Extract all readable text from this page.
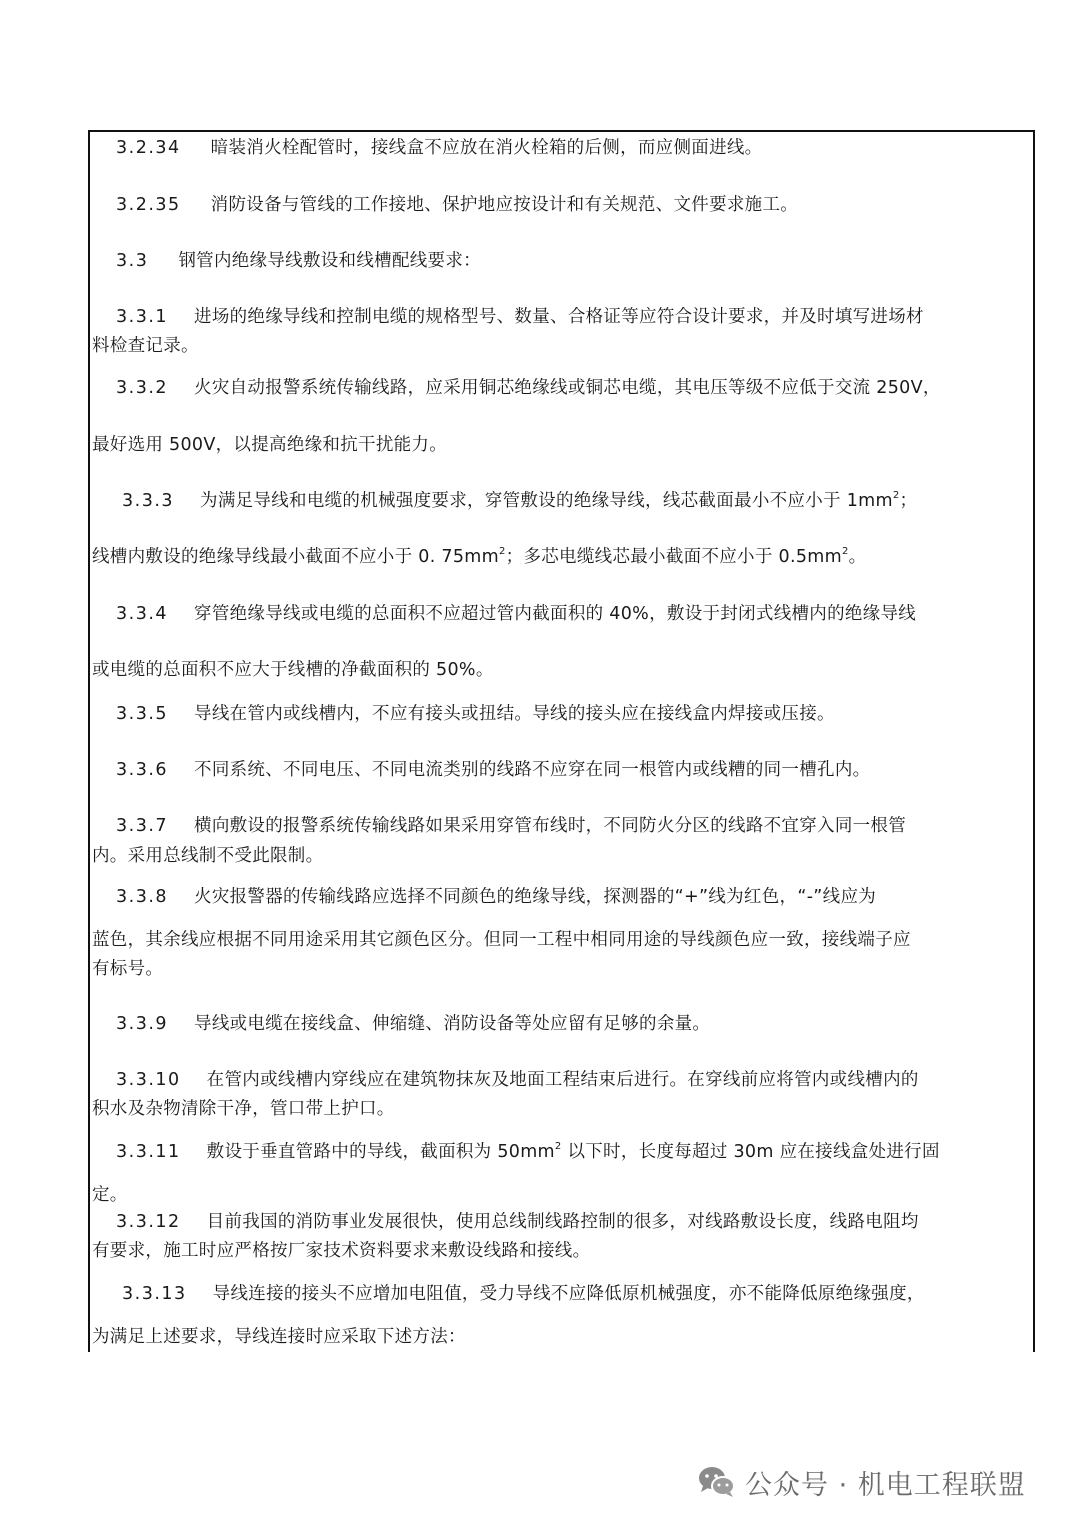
3.2.34 暗装消火栓配管时，接线盒不应放在消火栓箱的后侧，而应侧面进线。
3.2.35 消防设备与管线的工作接地、保护地应按设计和有关规范、文件要求施工。
3.3 钢管内绝缘导线敷设和线槽配线要求：
3.3.1 进场的绝缘导线和控制电缆的规格型号、数量、合格证等应符合设计要求，并及时填写进场材
料检查记录。
3.3.2 火灾自动报警系统传输线路，应采用铜芯绝缘线或铜芯电缆，其电压等级不应低于交流 250V，
最好选用 500V，以提高绝缘和抗干扰能力。
3.3.3 为满足导线和电缆的机械强度要求，穿管敷设的绝缘导线，线芯截面最小不应小于 $1mm^2$；
线槽内敷设的绝缘导线最小截面不应小于 0. $75mm^2$；多芯电缆线芯最小截面不应小于 $0.5mm^2$。
3.3.4 穿管绝缘导线或电缆的总面积不应超过管内截面积的 40%，敷设于封闭式线槽内的绝缘导线
或电缆的总面积不应大于线槽的净截面积的 50%。
3.3.5 导线在管内或线槽内，不应有接头或扭结。导线的接头应在接线盒内焊接或压接。
3.3.6 不同系统、不同电压、不同电流类别的线路不应穿在同一根管内或线糟的同一槽孔内。
3.3.7 横向敷设的报警系统传输线路如果采用穿管布线时，不同防火分区的线路不宜穿入同一根管
内。采用总线制不受此限制。
3.3.8 火灾报警器的传输线路应选择不同颜色的绝缘导线，探测器的“+”线为红色，“-”线应为
蓝色，其余线应根据不同用途采用其它颜色区分。但同一工程中相同用途的导线颜色应一致，接线端子应
有标号。
3.3.9 导线或电缆在接线盒、伸缩缝、消防设备等处应留有足够的余量。
3.3.10 在管内或线槽内穿线应在建筑物抹灰及地面工程结束后进行。在穿线前应将管内或线槽内的
积水及杂物清除干净，管口带上护口。
3.3.11 敷设于垂直管路中的导线，截面积为 $50mm^2$ 以下时，长度每超过 30m 应在接线盒处进行固
定。
3.3.12 目前我国的消防事业发展很快，使用总线制线路控制的很多，对线路敷设长度，线路电阻均
有要求，施工时应严格按厂家技术资料要求来敷设线路和接线。
3.3.13 导线连接的接头不应增加电阻值，受力导线不应降低原机械强度，亦不能降低原绝缘强度，
为满足上述要求，导线连接时应采取下述方法：
公众号 · 机电工程联盟
